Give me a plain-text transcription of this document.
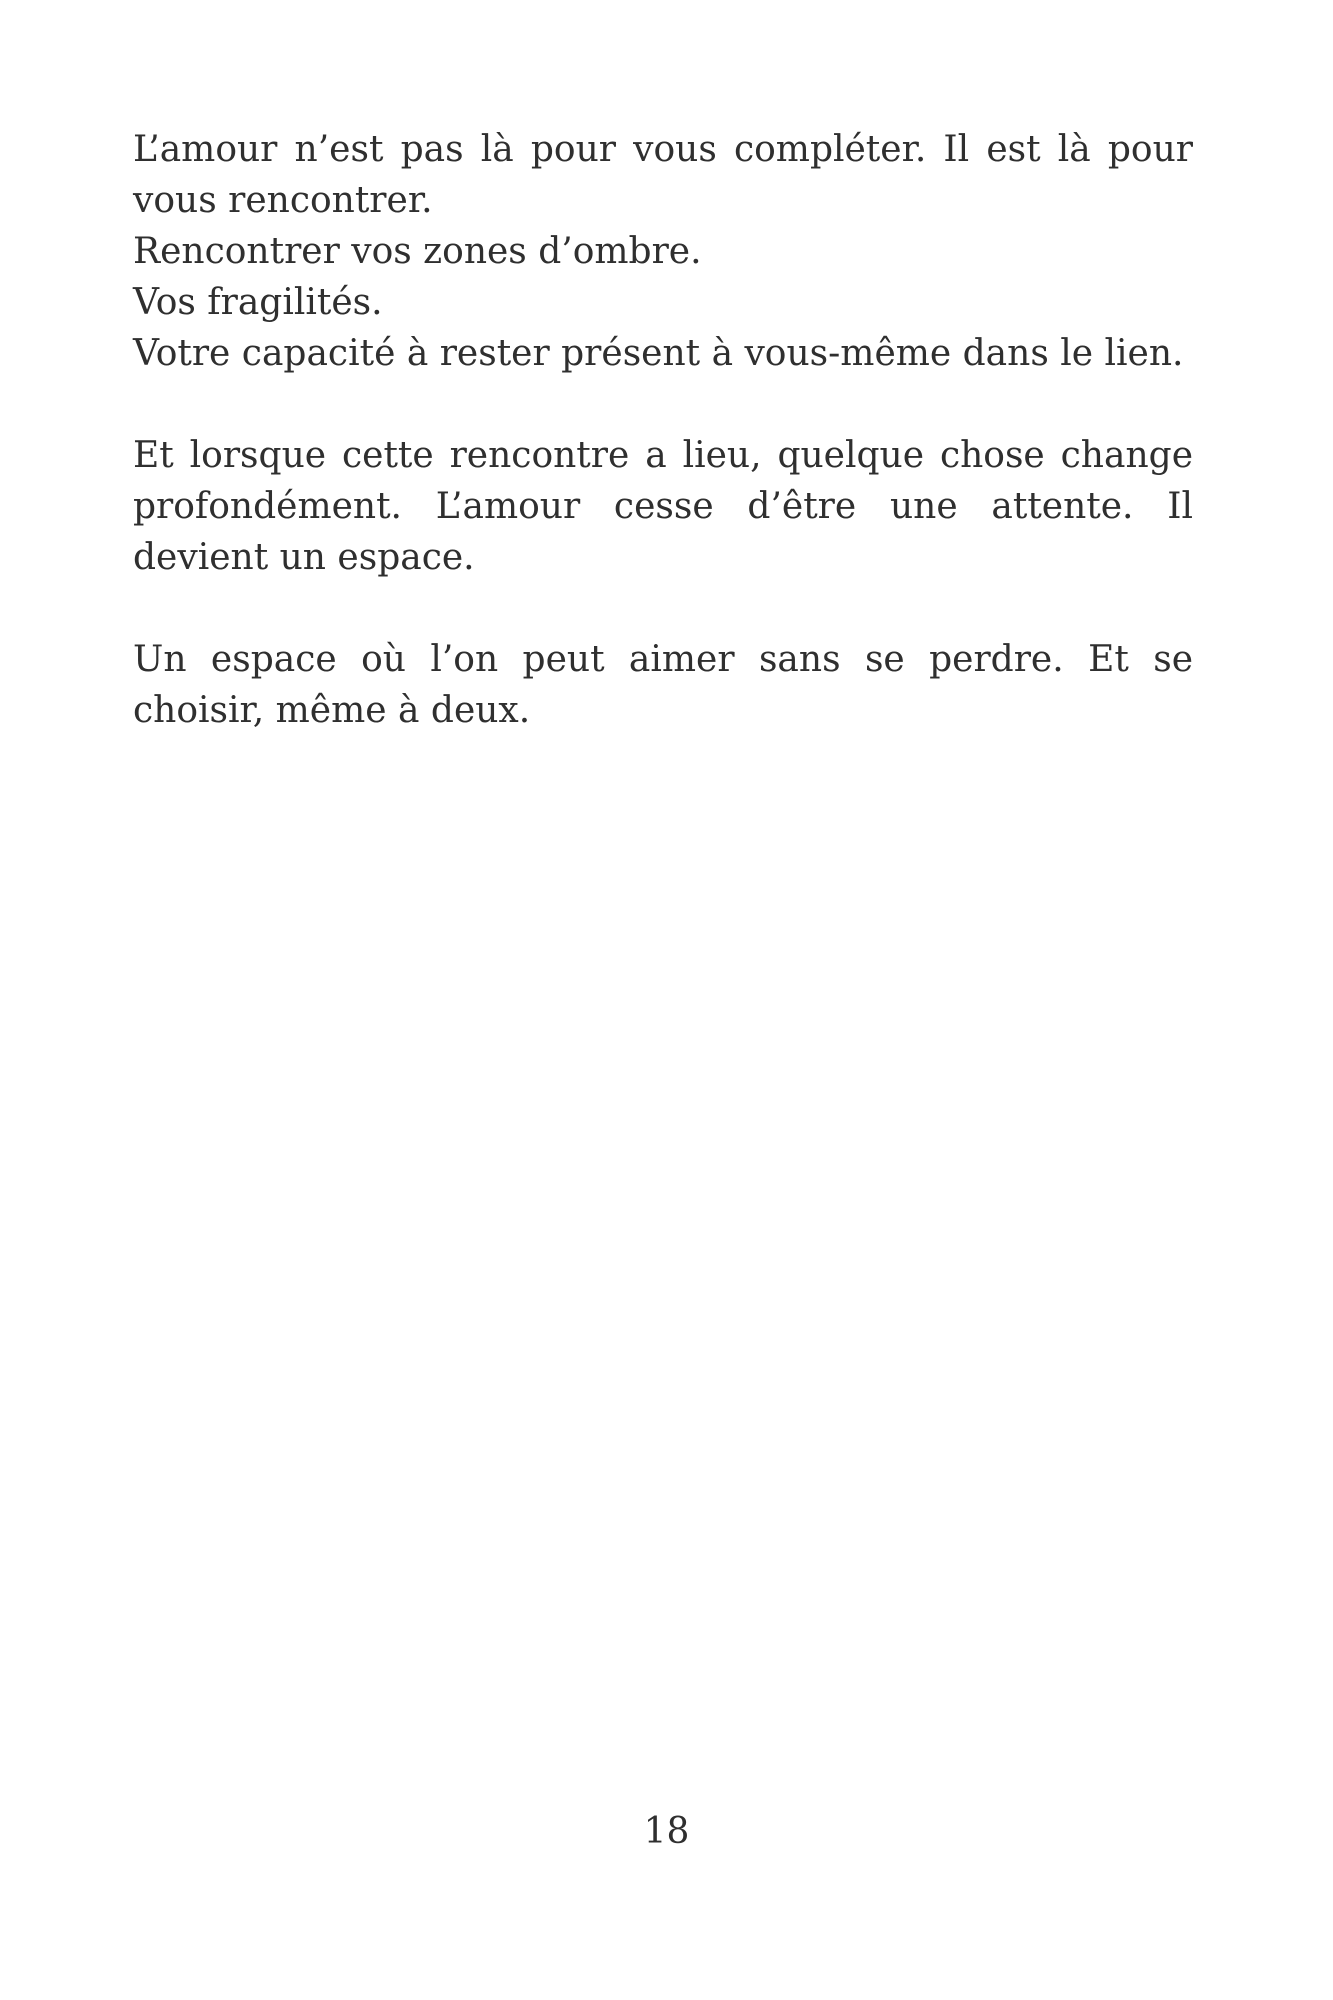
L’amour n’est pas là pour vous compléter. Il est là pour vous rencontrer.

Rencontrer vos zones d’ombre.
Vos fragilités.
Votre capacité à rester présent à vous-même dans le lien.

Et lorsque cette rencontre a lieu, quelque chose change profondément. L’amour cesse d’être une attente. Il devient un espace.

Un espace où l’on peut aimer sans se perdre. Et se choisir, même à deux.

18
